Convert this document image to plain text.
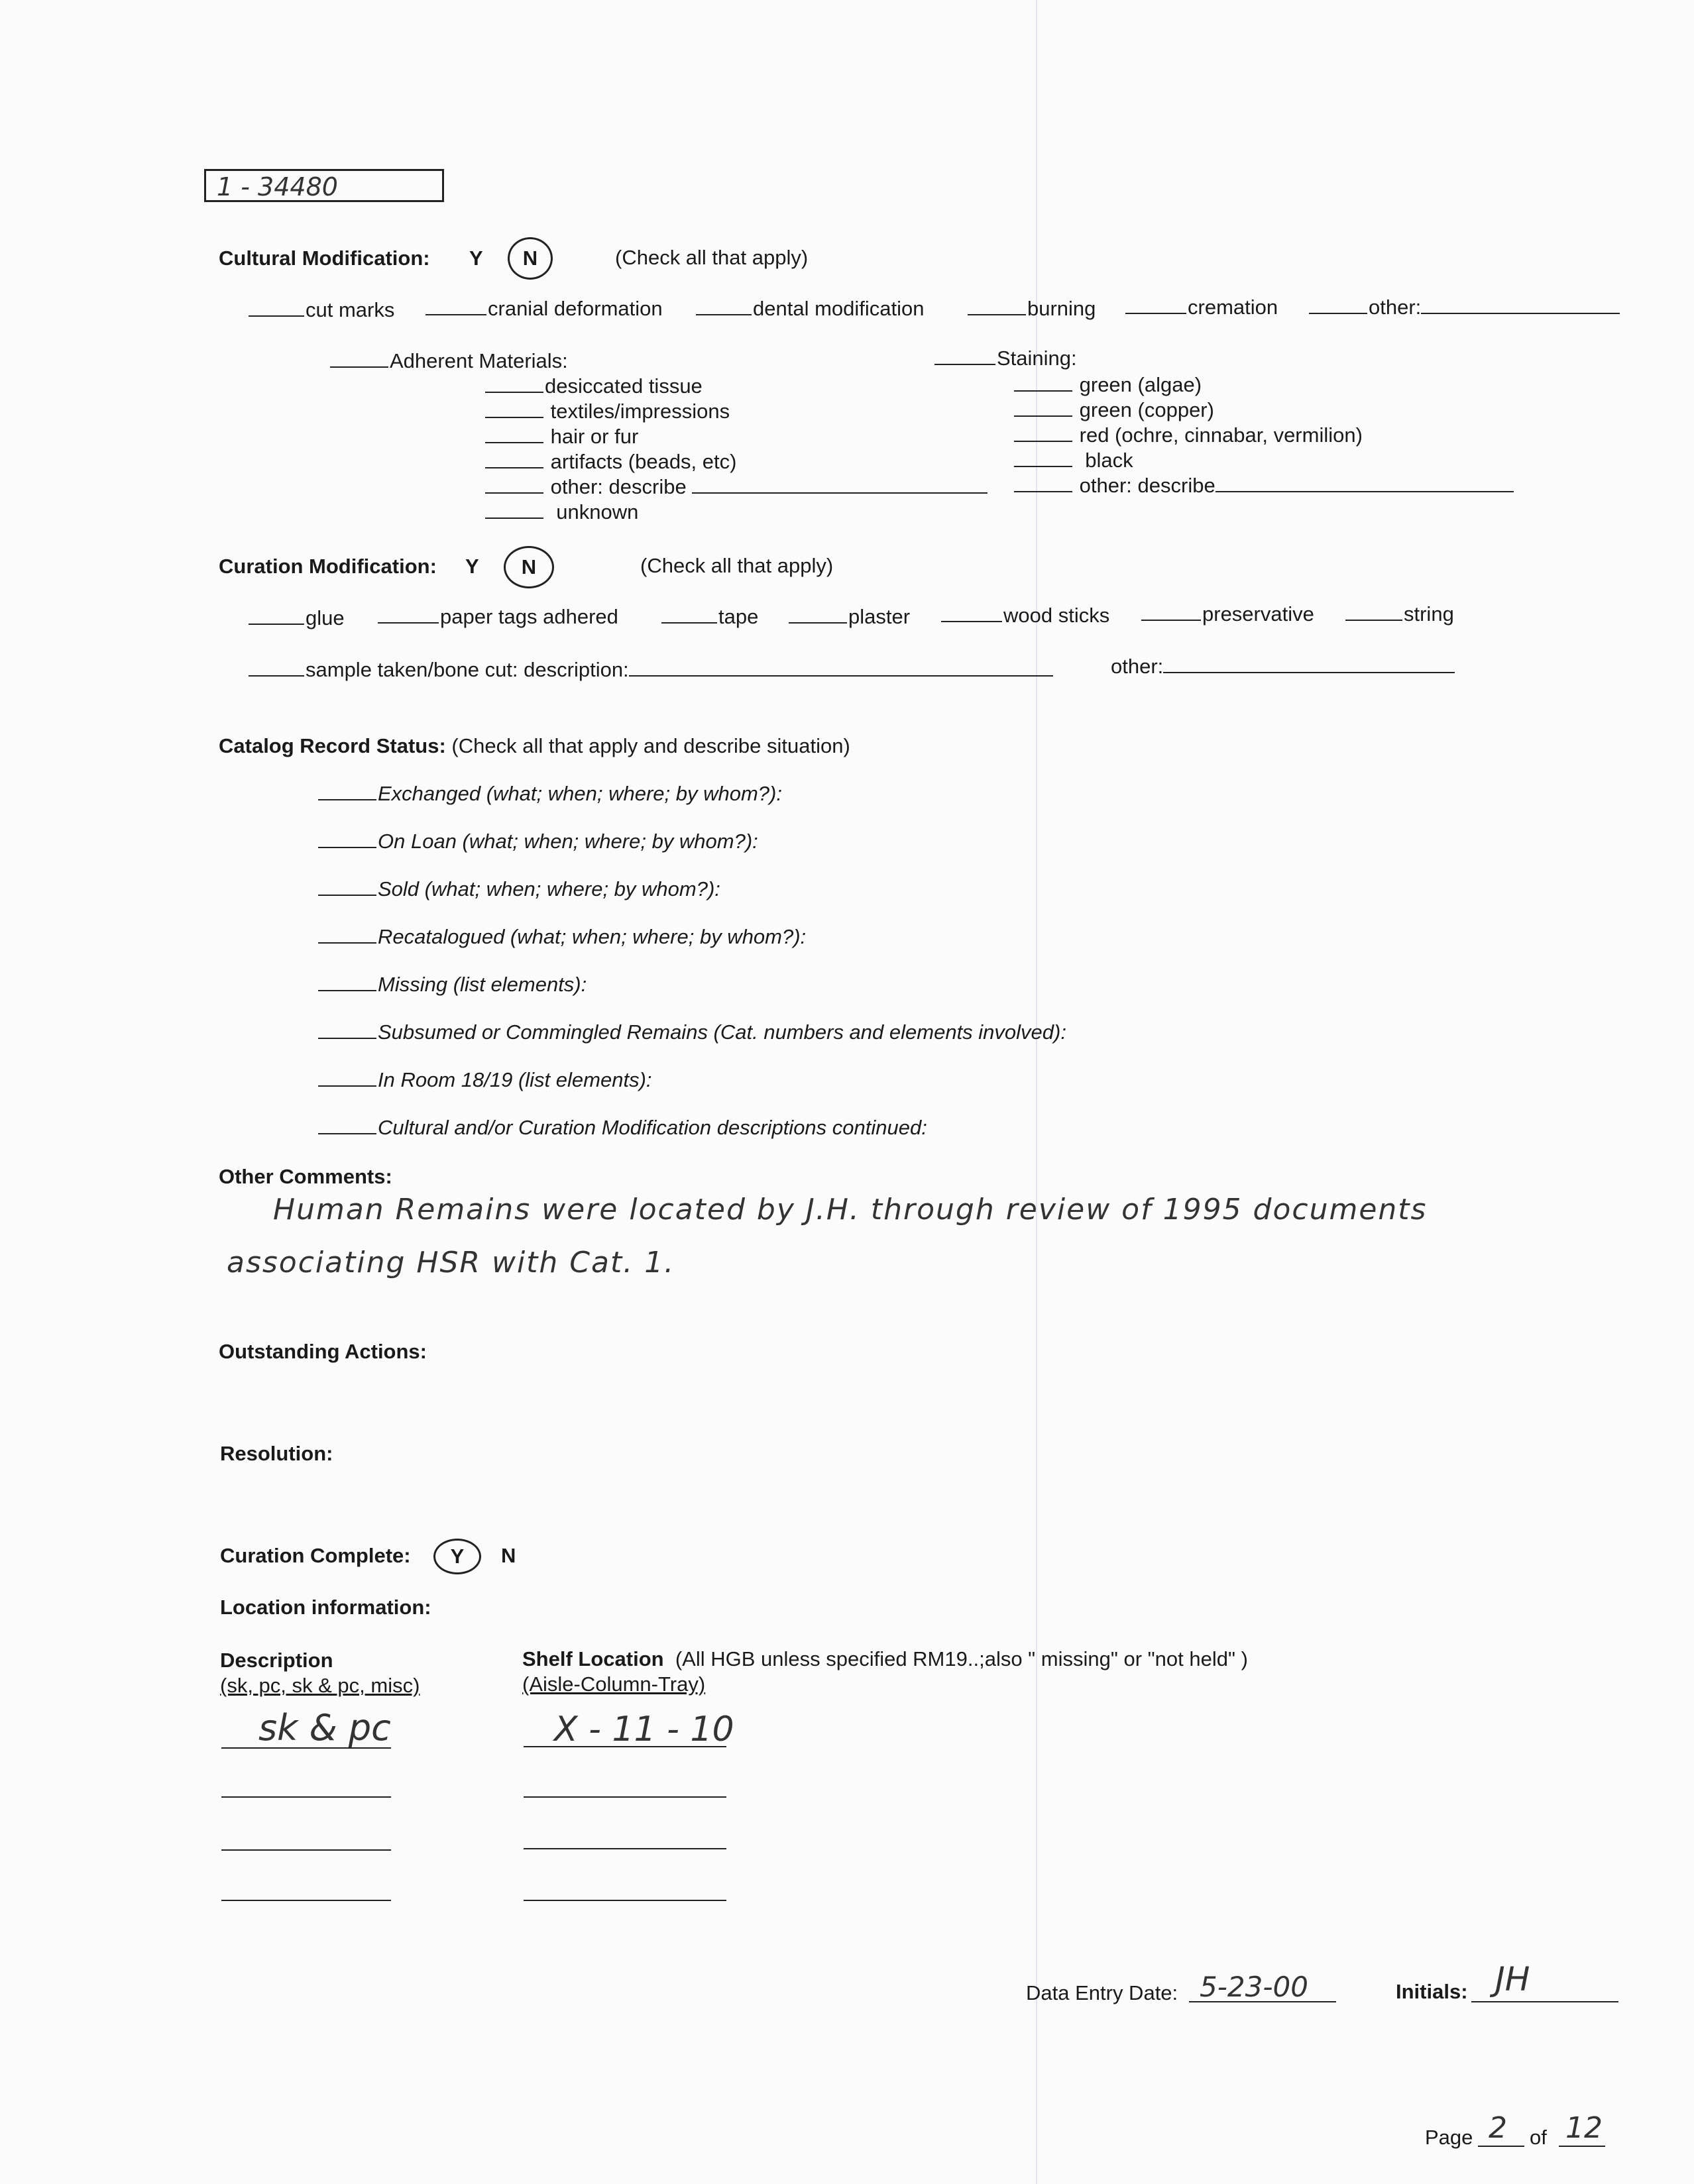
1 - 34480
Cultural Modification: Y	N	(Check all that apply)
cut marks	cranial deformation	dental modification	burning	cremation	other:
Adherent Materials:
desiccated tissue
textiles/impressions
hair or fur
artifacts (beads, etc)
other: describe
unknown
Staining:
green (algae)
green (copper)
red (ochre, cinnabar, vermilion)
black
other: describe
Curation Modification: Y	N	(Check all that apply)
glue	paper tags adhered	tape	plaster	wood sticks	preservative	string
sample taken/bone cut: description:	other:
Catalog Record Status: (Check all that apply and describe situation)
Exchanged (what; when; where; by whom?):
On Loan (what; when; where; by whom?):
Sold (what; when; where; by whom?):
Recatalogued (what; when; where; by whom?):
Missing (list elements):
Subsumed or Commingled Remains (Cat. numbers and elements involved):
In Room 18/19 (list elements):
Cultural and/or Curation Modification descriptions continued:
Other Comments:
Human Remains were located by J.H. through review of 1995 documents
associating HSR with Cat. 1.
Outstanding Actions:
Resolution:
Curation Complete:	Y	N
Location information:
Description
(sk, pc, sk & pc, misc)
Shelf Location (All HGB unless specified RM19..;also " missing" or "not held" )
(Aisle-Column-Tray)
sk & pc	X - 11 - 10
Data Entry Date: 5-23-00	Initials: JH
Page 2 of 12
